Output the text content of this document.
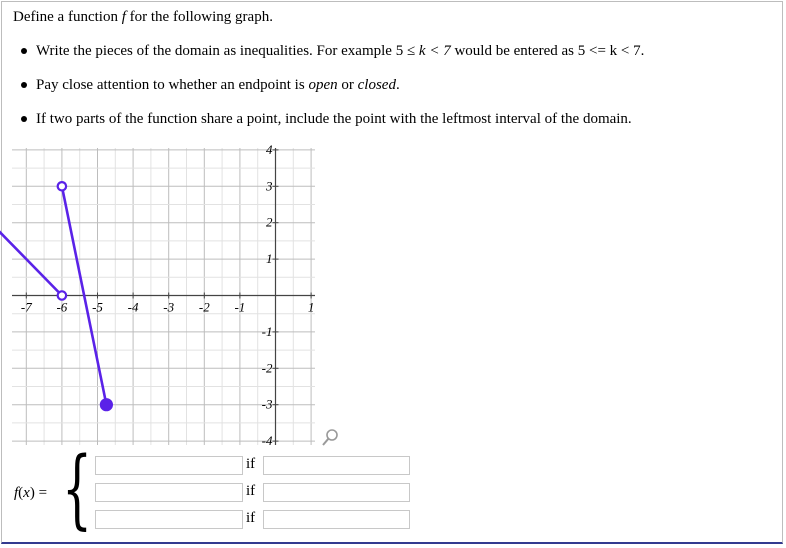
Define a function f for the following graph.
Write the pieces of the domain as inequalities. For example 5 ≤ k < 7 would be entered as 5 <= k < 7.
Pay close attention to whether an endpoint is open or closed.
If two parts of the function share a point, include the point with the leftmost interval of the domain.
-7 -6 -5 -4 -3 -2 -1	1
4
3
2
1
-1
-2
-3
-4
f(x) = {	if
if
if
